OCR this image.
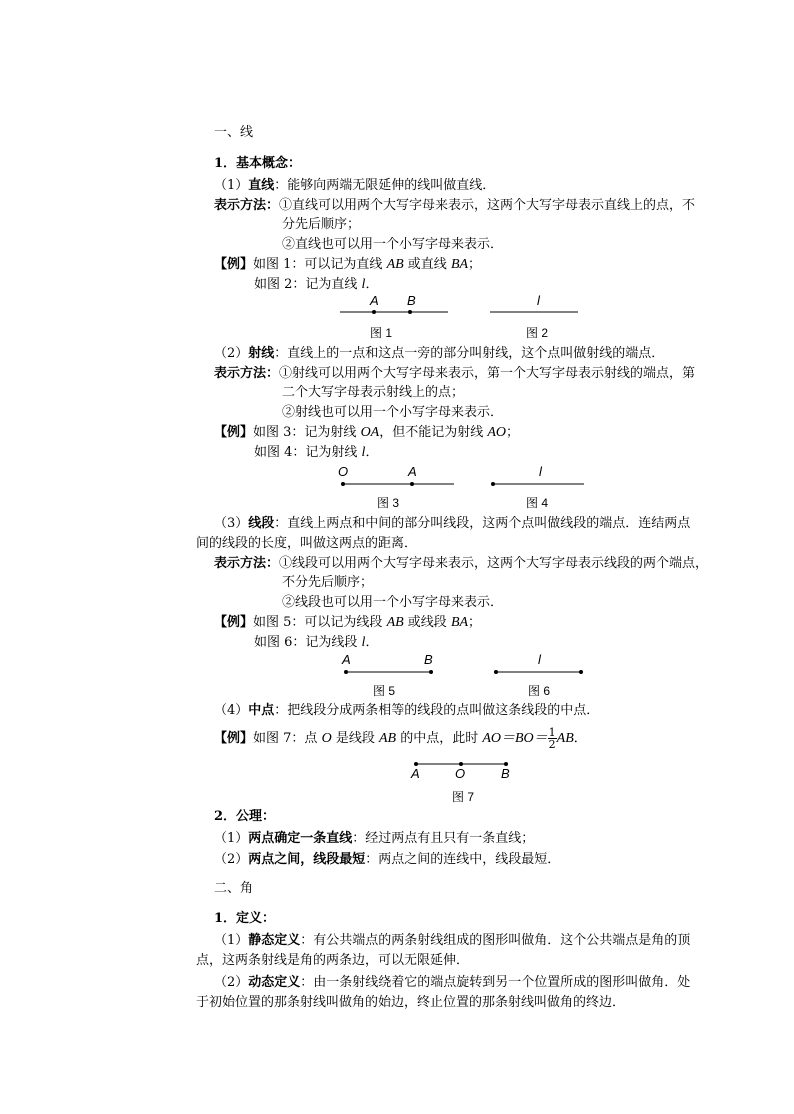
一、线
1．基本概念：
（1）直线：能够向两端无限延伸的线叫做直线．
表示方法：①直线可以用两个大写字母来表示，这两个大写字母表示直线上的点，不
分先后顺序；
②直线也可以用一个小写字母来表示．
【例】如图 1：可以记为直线 AB 或直线 BA；
如图 2：记为直线 l．
A B
图 1
l
图 2
（2）射线：直线上的一点和这点一旁的部分叫射线，这个点叫做射线的端点．
表示方法：①射线可以用两个大写字母来表示，第一个大写字母表示射线的端点，第
二个大写字母表示射线上的点；
②射线也可以用一个小写字母来表示．
【例】如图 3：记为射线 OA，但不能记为射线 AO；
如图 4：记为射线 l．
O	A
图 3
l
图 4
（3）线段：直线上两点和中间的部分叫线段，这两个点叫做线段的端点．连结两点
间的线段的长度，叫做这两点的距离．
表示方法：①线段可以用两个大写字母来表示，这两个大写字母表示线段的两个端点，
不分先后顺序；
②线段也可以用一个小写字母来表示．
【例】如图 5：可以记为线段 AB 或线段 BA；
如图 6：记为线段 l．
A	B
图 5
l
图 6
（4）中点：把线段分成两条相等的线段的点叫做这条线段的中点．
【例】如图 7：点 O 是线段 AB 的中点，此时 $AO=BO= \frac{1}{2}$ AB．
A	O	B
图 7
2．公理：
（1）两点确定一条直线：经过两点有且只有一条直线；
（2）两点之间，线段最短：两点之间的连线中，线段最短．
二、角
1．定义：
（1）静态定义：有公共端点的两条射线组成的图形叫做角．这个公共端点是角的顶
点，这两条射线是角的两条边，可以无限延伸．
（2）动态定义：由一条射线绕着它的端点旋转到另一个位置所成的图形叫做角．处
于初始位置的那条射线叫做角的始边，终止位置的那条射线叫做角的终边．
